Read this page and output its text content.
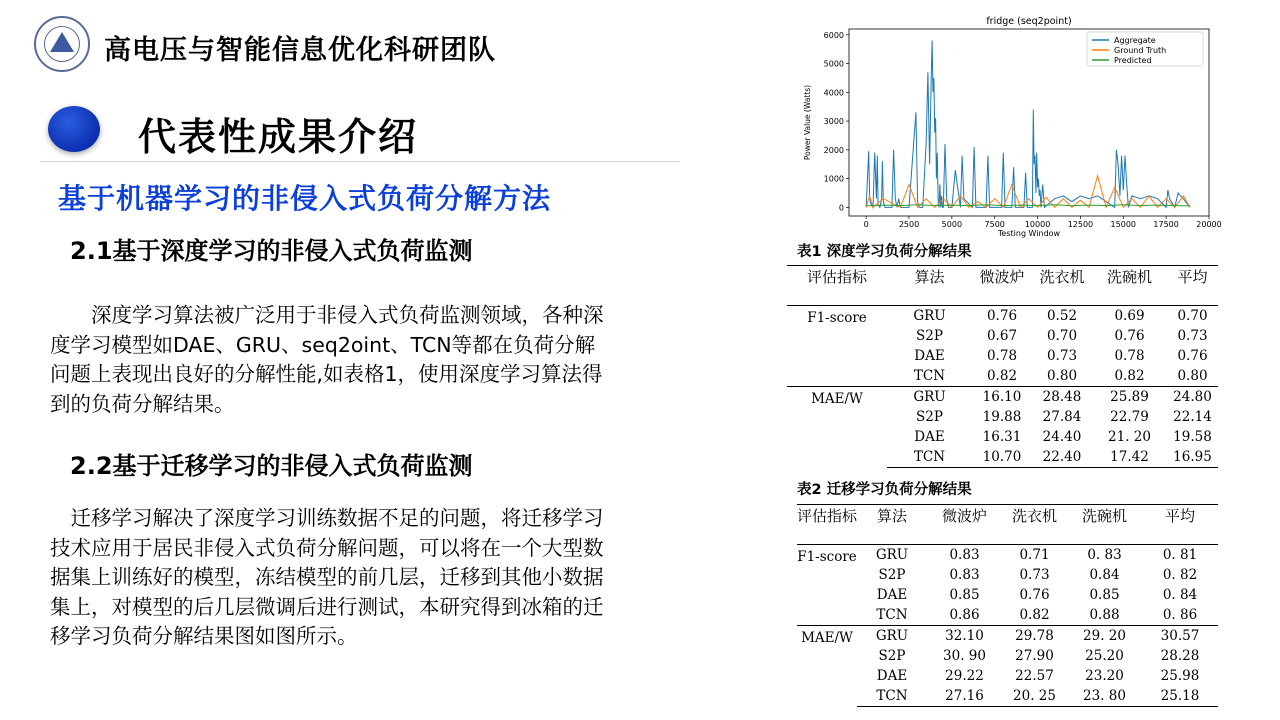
高电压与智能信息优化科研团队
代表性成果介绍
基于机器学习的非侵入式负荷分解方法
2.1基于深度学习的非侵入式负荷监测
深度学习算法被广泛用于非侵入式负荷监测领域，各种深度学习模型如DAE、GRU、seq2oint、TCN等都在负荷分解问题上表现出良好的分解性能,如表格1，使用深度学习算法得到的负荷分解结果。
2.2基于迁移学习的非侵入式负荷监测
迁移学习解决了深度学习训练数据不足的问题，将迁移学习技术应用于居民非侵入式负荷分解问题，可以将在一个大型数据集上训练好的模型，冻结模型的前几层，迁移到其他小数据集上，对模型的后几层微调后进行测试，本研究得到冰箱的迁移学习负荷分解结果图如图所示。
fridge (seq2point)
0	2500	5000	7500 10000 12500 15000 17500 20000
0
1000
2000
3000
4000
5000
6000
Testing Window
Power Value (Watts)
Aggregate
Ground Truth
Predicted
表1 深度学习负荷分解结果
评估指标	算法	微波炉	洗衣机	洗碗机	平均
F1-score	GRU	0.76	0.52	0.69	0.70
	S2P	0.67	0.70	0.76	0.73
	DAE	0.78	0.73	0.78	0.76
	TCN	0.82	0.80	0.82	0.80
MAE/W	GRU	16.10	28.48	25.89	24.80
	S2P	19.88	27.84	22.79	22.14
	DAE	16.31	24.40	21. 20	19.58
	TCN	10.70	22.40	17.42	16.95
表2 迁移学习负荷分解结果
评估指标	算法	微波炉	洗衣机	洗碗机	平均
F1-score	GRU	0.83	0.71	0. 83	0. 81
	S2P	0.83	0.73	0.84	0. 82
	DAE	0.85	0.76	0.85	0. 84
	TCN	0.86	0.82	0.88	0. 86
MAE/W	GRU	32.10	29.78	29. 20	30.57
	S2P	30. 90	27.90	25.20	28.28
	DAE	29.22	22.57	23.20	25.98
	TCN	27.16	20. 25	23. 80	25.18
